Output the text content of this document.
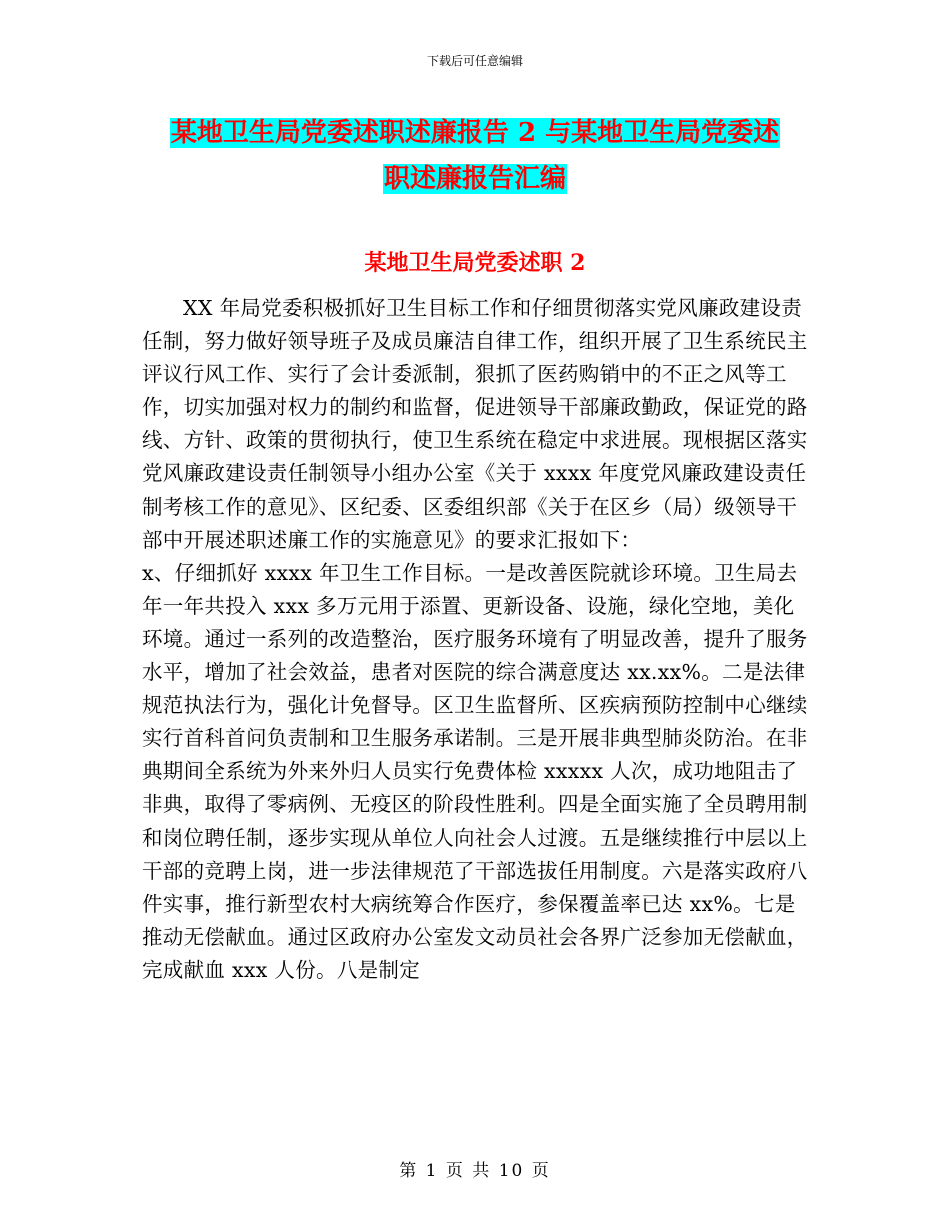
下载后可任意编辑
某地卫生局党委述职述廉报告 2 与某地卫生局党委述
职述廉报告汇编
某地卫生局党委述职 2

XX 年局党委积极抓好卫生目标工作和仔细贯彻落实党风廉政建设责任制，努力做好领导班子及成员廉洁自律工作，组织开展了卫生系统民主评议行风工作、实行了会计委派制，狠抓了医药购销中的不正之风等工作，切实加强对权力的制约和监督，促进领导干部廉政勤政，保证党的路线、方针、政策的贯彻执行，使卫生系统在稳定中求进展。现根据区落实党风廉政建设责任制领导小组办公室《关于 xxxx 年度党风廉政建设责任制考核工作的意见》、区纪委、区委组织部《关于在区乡（局）级领导干部中开展述职述廉工作的实施意见》的要求汇报如下：

x、仔细抓好 xxxx 年卫生工作目标。一是改善医院就诊环境。卫生局去年一年共投入 xxx 多万元用于添置、更新设备、设施，绿化空地，美化环境。通过一系列的改造整治，医疗服务环境有了明显改善，提升了服务水平，增加了社会效益，患者对医院的综合满意度达 xx.xx%。二是法律规范执法行为，强化计免督导。区卫生监督所、区疾病预防控制中心继续实行首科首问负责制和卫生服务承诺制。三是开展非典型肺炎防治。在非典期间全系统为外来外归人员实行免费体检 xxxxx 人次，成功地阻击了非典，取得了零病例、无疫区的阶段性胜利。四是全面实施了全员聘用制和岗位聘任制，逐步实现从单位人向社会人过渡。五是继续推行中层以上干部的竞聘上岗，进一步法律规范了干部选拔任用制度。六是落实政府八件实事，推行新型农村大病统筹合作医疗，参保覆盖率已达 xx%。七是推动无偿献血。通过区政府办公室发文动员社会各界广泛参加无偿献血，完成献血 xxx 人份。八是制定

第 1 页 共 10 页
